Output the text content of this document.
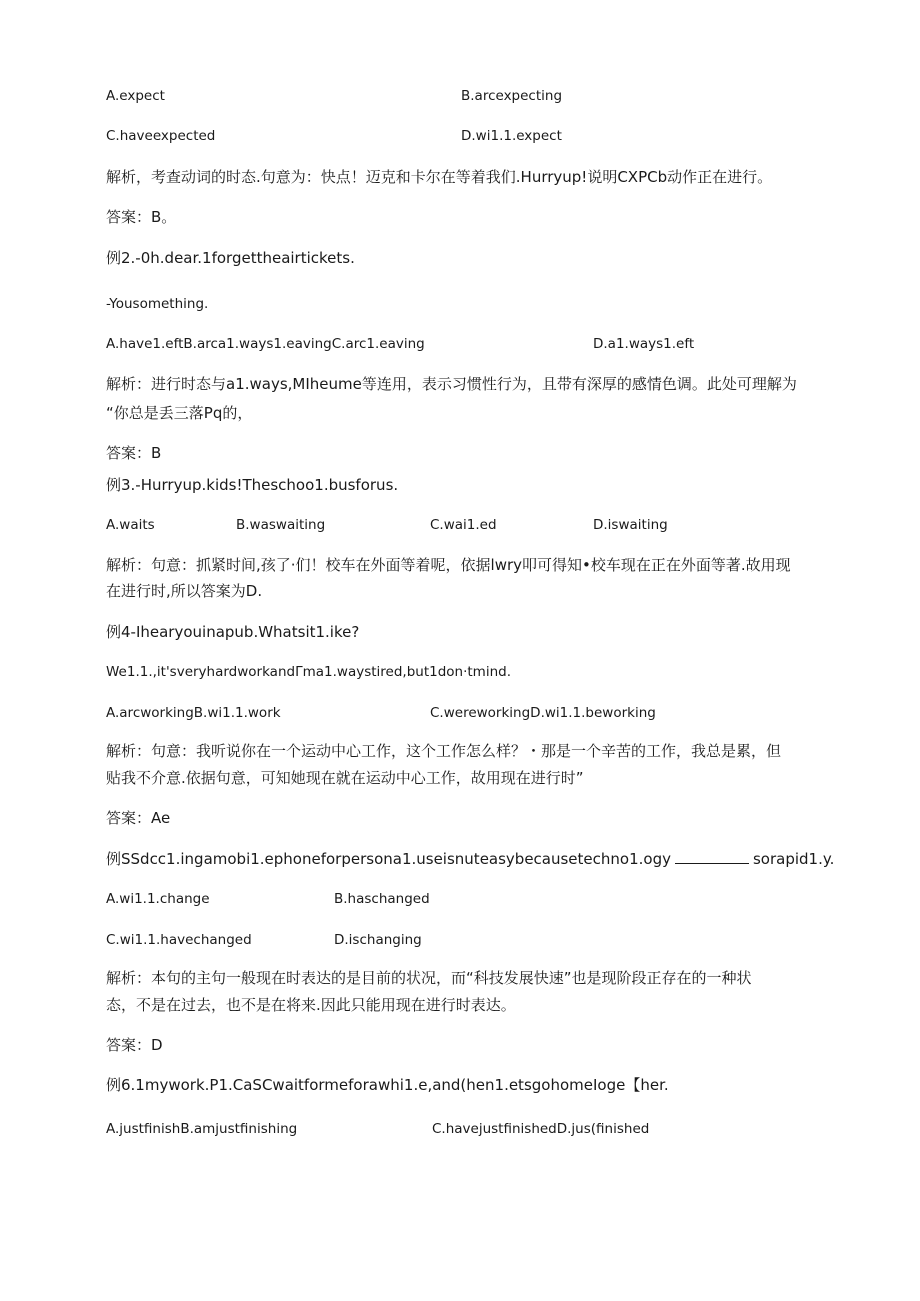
A.expect	B.arcexpecting
C.haveexpected	D.wi1.1.expect
解析，考查动词的时态.句意为：快点！迈克和卡尔在等着我们.Hurryup!说明CXPCb动作正在进行。
答案：B。
例2.-0h.dear.1forgettheairtickets.
-Yousomething.
A.have1.eftB.arca1.ways1.eavingC.arc1.eaving	D.a1.ways1.eft
解析：进行时态与a1.ways,MIheume等连用，表示习惯性行为，且带有深厚的感情色调。此处可理解为
“你总是丢三落Pq的，
答案：B
例3.-Hurryup.kids!Theschoo1.busforus.
A.waits	B.waswaiting	C.wai1.ed	D.iswaiting
解析：句意：抓紧时间,孩了·们！校车在外面等着呢，依据lwry叩可得知•校车现在正在外面等著.故用现
在进行时,所以答案为D.
例4-Ihearyouinapub.Whatsit1.ike?
We1.1.,it'sveryhardworkandΓma1.waystired,but1don·tmind.
A.arcworkingB.wi1.1.work	C.wereworkingD.wi1.1.beworking
解析：句意：我听说你在一个运动中心工作，这个工作怎么样？・那是一个辛苦的工作，我总是累，但
贴我不介意.依据句意，可知她现在就在运动中心工作，故用现在进行时”
答案：Ae
例SSdcc1.ingamobi1.ephoneforpersona1.useisnuteasybecausetechno1.ogy	sorapid1.y.
A.wi1.1.change	B.haschanged
C.wi1.1.havechanged	D.ischanging
解析：本句的主句一般现在时表达的是目前的状况，而“科技发展快速”也是现阶段正存在的一种状
态，不是在过去，也不是在将来.因此只能用现在进行时表达。
答案：D
例6.1mywork.P1.CaSCwaitformeforawhi1.e,and(hen1.etsgohomeIoge【her.
A.justfinishB.amjustfinishing	C.havejustfinishedD.jus(finished
